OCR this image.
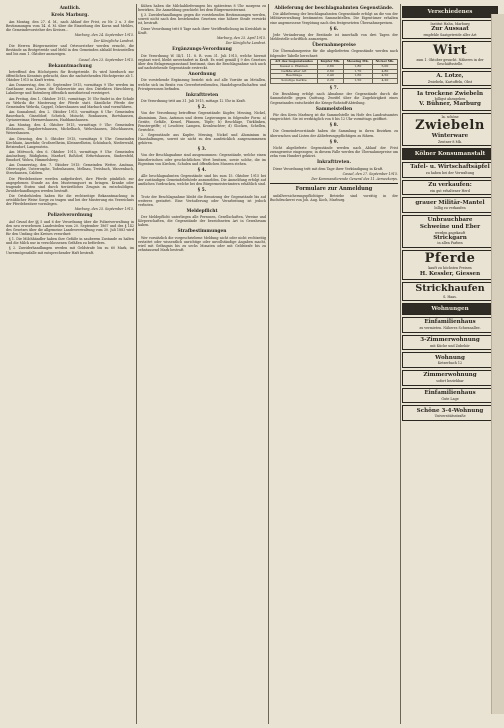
Amtlich.
Kreis Marburg.
Am Montag, den 27. d. M., nach Ablauf der Frist, zu Nr. 2 u. 3 der Bestimmungen vom 14. d. M. über die Einziehung des Korns und Mehles, die Gemeindevorsteher des Kreises...
Marburg, den 24. September 1915.
Der Königliche Landrat.
Die Herren Bürgermeister und Ortsvorsteher werden ersucht, die Bestände an Brotgetreide und Mehl in den Gemeinden alsbald festzustellen und bis zum 1. Oktober anzuzeigen.
Cassel, den 23. September 1915.
Bekanntmachung
betreffend den Höchstpreis für Brotgetreide. Es wird hierdurch zur öffentlichen Kenntnis gebracht, dass die nachstehenden Höchstpreise ab 1. Oktober 1915 in Kraft treten.
Am Donnerstag, den 30. September 1915, vormittags 9 Uhr werden im Gasthause zum Löwen die Holzvorräte aus den Distrikten Hirschberg, Lahnberge und Rotenberg öffentlich meistbietend versteigert.
Am Freitag, den 1. Oktober 1915, vormittags 10 Uhr findet in der Schule zu Wehrda die Musterung der Pferde statt. Sämtliche Pferde der Gemeinden Wehrda, Cappel, Ockershausen und Marbach sind vorzuführen.
Am Sonnabend, den 2. Oktober 1915, vormittags 8 Uhr: Gemeinden Bauerbach, Ginseldorf, Schröck, Moischt, Ronhausen, Bortshausen, Cyriaxweimar, Hermershausen, Haddamshausen.
Am Montag, den 4. Oktober 1915, vormittags 9 Uhr: Gemeinden Elnhausen, Dagobertshausen, Michelbach, Wehrshausen, Dilschhausen, Weiershausen.
Am Dienstag, den 5. Oktober 1915, vormittags 8 Uhr: Gemeinden Kirchhain, Anzefahr, Großseelheim, Kleinseelheim, Schönbach, Niederwald, Betziesdorf, Langenstein.
Am Mittwoch, den 6. Oktober 1915, vormittags 9 Uhr: Gemeinden Amöneburg, Rüdigheim, Mardorf, Roßdorf, Erfurtshausen, Sindersfeld, Emsdorf, Wohra, Himmelsberg.
Am Donnerstag, den 7. Oktober 1915: Gemeinden Wetter, Amönau, Oberrosphe, Unterrosphe, Todenhausen, Mellnau, Treisbach, Warzenbach, Sterzhausen, Caldern.
Die Pferdebesitzer werden aufgefordert, ihre Pferde pünktlich zur angegebenen Stunde an den Musterungsort zu bringen. Kranke oder tragende Stuten sind durch tierärztliches Zeugnis zu entschuldigen. Zuwiderhandlungen werden bestraft.
Die Ortsbehörden haben für die rechtzeitige Bekanntmachung in ortsüblicher Weise Sorge zu tragen und bei der Musterung ein Verzeichnis der Pferdebesitzer vorzulegen.
Marburg, den 25. September 1915.
Polizeiverordnung
Auf Grund der §§ 5 und 6 der Verordnung über die Polizeiverwaltung in den neu erworbenen Landesteilen vom 20. September 1867 und des § 142 des Gesetzes über die allgemeine Landesverwaltung vom 30. Juli 1883 wird für den Umfang des Kreises verordnet:
§ 1. Die Milchhändler haben ihre Gefäße in sauberem Zustande zu halten und die Milch nur in verschlossenen Gefäßen zu befördern.
§ 2. Zuwiderhandlungen werden mit Geldstrafe bis zu 60 Mark, im Unvermögensfalle mit entsprechender Haft bestraft.
Kühen haben die Milchablieferungen bis spätestens 8 Uhr morgens zu bewirken. Die Anmeldung geschieht bei dem Bürgermeisteramt.
§ 3. Zuwiderhandlungen gegen die vorstehenden Bestimmungen werden, soweit nicht nach den bestehenden Gesetzen eine höhere Strafe verwirkt ist, bestraft.
Diese Verordnung tritt 8 Tage nach ihrer Veröffentlichung im Kreisblatt in Kraft.
Marburg, den 25. April 1915.
Der Königliche Landrat.
Ergänzungs-Verordnung
Die Verordnung W. III/1. 11. 8. R. vom 31. Juli 1915, welche hiermit ergänzt wird, bleibt unverändert in Kraft. Es wird gemäß § 9 des Gesetzes über den Belagerungszustand bestimmt, dass die Beschlagnahme sich auch auf nachstehende Gegenstände erstreckt.
Anordnung
Die vorstehende Ergänzung bezieht sich auf alle Vorräte an Metallen, welche sich im Besitz von Gewerbetreibenden, Handelsgesellschaften und Privatpersonen befinden.
Inkrafttreten
Die Verordnung tritt am 31. Juli 1915, mittags 12 Uhr in Kraft.
§ 2.
Von der Verordnung betroffene Gegenstände: Kupfer, Messing, Nickel, Aluminium, Zinn, Antimon und deren Legierungen in folgender Form: a) Geräte, Gefäße, Kessel, Pfannen, Töpfe; b) Beschläge, Türklinken, Fenstergriffe; c) Leuchter, Lampen, Kronleuchter; d) Glocken, Schellen, Gewichte.
2. Gegenstände aus Kupfer, Messing, Nickel und Aluminium in Haushaltungen, soweit sie nicht zu den ausdrücklich ausgenommenen gehören.
§ 3.
Von der Beschlagnahme sind ausgenommen: Gegenstände, welche einen künstlerischen oder geschichtlichen Wert besitzen, sowie solche, die im Eigentum von Kirchen, Schulen und öffentlichen Museen stehen.
§ 4.
Alle beschlagnahmten Gegenstände sind bis zum 15. Oktober 1915 bei der zuständigen Gemeindebehörde anzumelden. Die Anmeldung erfolgt auf amtlichen Vordrucken, welche bei den Bürgermeisterämtern erhältlich sind.
§ 5.
Trotz der Beschlagnahme bleibt die Benutzung der Gegenstände bis auf weiteres gestattet. Eine Veräußerung oder Verarbeitung ist jedoch verboten.
Meldepflicht
Der Meldepflicht unterliegen alle Personen, Gesellschaften, Vereine und Körperschaften, die Gegenstände der bezeichneten Art in Gewahrsam haben.
Strafbestimmungen
Wer vorsätzlich die vorgeschriebene Meldung nicht oder nicht rechtzeitig erstattet oder wissentlich unrichtige oder unvollständige Angaben macht, wird mit Gefängnis bis zu sechs Monaten oder mit Geldstrafe bis zu zehntausend Mark bestraft.
Ablieferung der beschlagnahmten Gegenstände.
Die Ablieferung der beschlagnahmten Gegenstände erfolgt an die von der Militärverwaltung bestimmten Sammelstellen. Die Eigentümer erhalten eine angemessene Vergütung nach den festgesetzten Übernahmepreisen.
§ 6.
Jede Veränderung der Bestände ist innerhalb von drei Tagen der Meldestelle schriftlich anzuzeigen.
Übernahmepreise
Die Übernahmepreise für die abgelieferten Gegenstände werden nach folgender Tabelle berechnet:
Art des Gegenstandes	Kupfer Mk.	Messing Mk.	Nickel Mk.
Kessel u. Pfannen	2,80	1,80	5,00
Gefäße aller Art	2,60	1,70	4,80
Beschläge	2,40	1,60	4,50
Sonstige Geräte	2,20	1,50	4,20
§ 7.
Die Bezahlung erfolgt nach Abnahme der Gegenstände durch die Sammelstelle gegen Quittung. Zweifel über die Zugehörigkeit eines Gegenstandes entscheidet die Kriegs-Rohstoff-Abteilung.
Sammelstellen
Für den Kreis Marburg ist die Sammelstelle im Hofe des Landratsamtes eingerichtet. Sie ist werktäglich von 8 bis 12 Uhr vormittags geöffnet.
§ 8.
Die Gemeindevorstände haben die Sammlung in ihren Bezirken zu überwachen und Listen der Ablieferungspflichtigen zu führen.
§ 9.
Nicht abgelieferte Gegenstände werden nach Ablauf der Frist zwangsweise eingezogen; in diesem Falle werden die Übernahmepreise um zehn vom Hundert gekürzt.
Inkrafttreten.
Diese Verordnung tritt mit dem Tage ihrer Verkündigung in Kraft.
Cassel, den 27. September 1915.
Der Kommandierende General des 11. Armeekorps.
Formulare zur Anmeldung
unfallversicherungspflichtiger Betriebe sind vorrätig in der Buchdruckerei von Joh. Aug. Koch, Marburg.
Verschiedenes
Institut Hahn, Marburg
Zur Aussaat
empfehle Saatgetreide aller Art
Wirt
zum 1. Oktober gesucht. Näheres in der Geschäftsstelle.
A. Lotze,
Zwiebeln, Kartoffeln, Obst
Ia trockene Zwiebeln
billigst abzugeben
V. Bühner, Marburg
Ia. schöne
Zwiebeln
Winterware
Zentner 8 Mk.
Kölner Konsumanstalt
Tafel- u. Wirtschaftsäpfel
zu haben bei der Verwaltung
Zu verkaufen:
ein gut erhaltener Herd
grauer Militär-Mantel
billig zu verkaufen
Unbrauchbare
Schweine und Eber
werden angekauft
Strickgarn
in allen Farben
Pferde
kauft zu höchsten Preisen
H. Kessler, Giessen
Strickhaufen
S. Haas.
Wohnungen
Einfamilienhaus
zu vermieten. Näheres Schwanallee.
3-Zimmerwohnung
mit Küche und Zubehör
Wohnung
Ketzerbach 12
Zimmerwohnung
sofort beziehbar
Einfamilienhaus
Gute Lage
Schöne 3-4-Wohnung
Universitätsstraße
